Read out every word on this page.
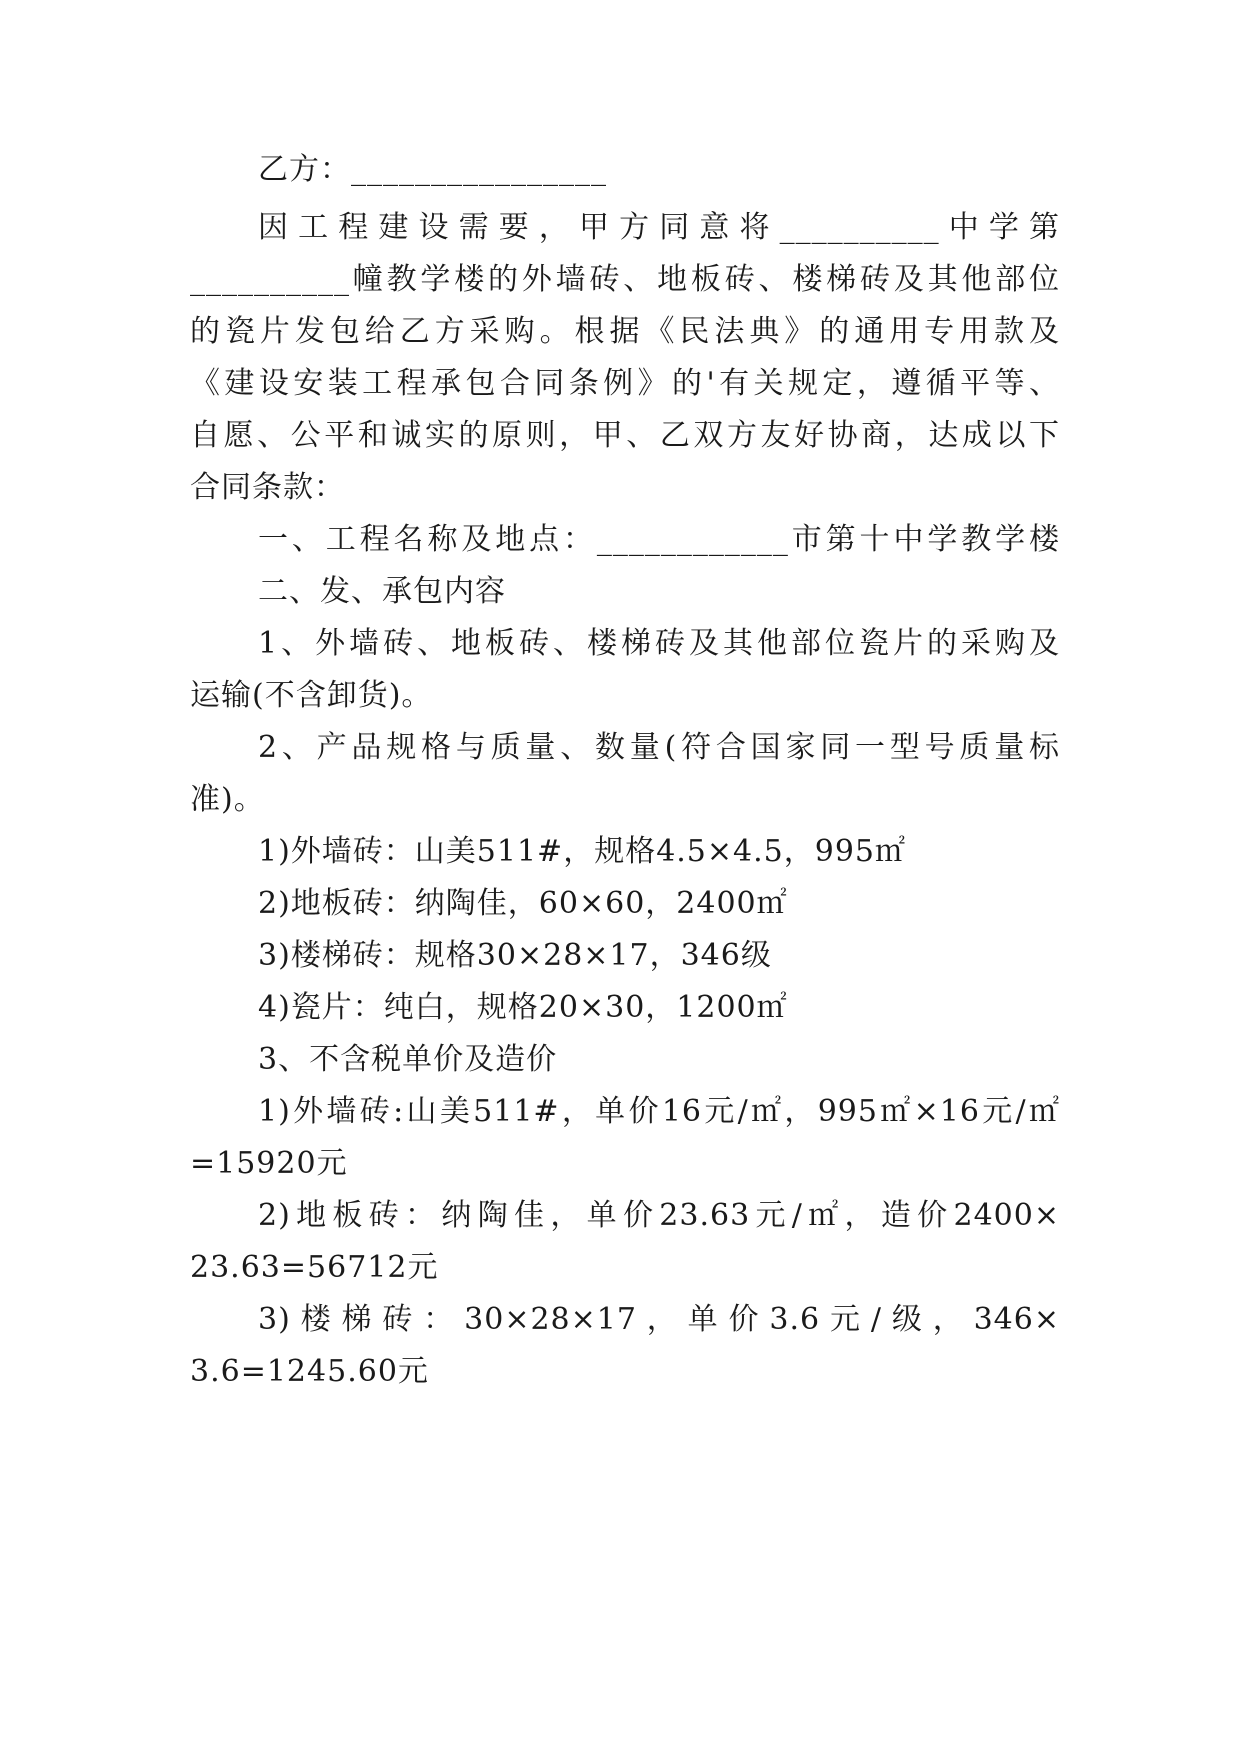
乙方：________________
因工程建设需要，甲方同意将__________中学第
__________幢教学楼的外墙砖、地板砖、楼梯砖及其他部位
的瓷片发包给乙方采购。根据《民法典》的通用专用款及
《建设安装工程承包合同条例》的'有关规定，遵循平等、
自愿、公平和诚实的原则，甲、乙双方友好协商，达成以下
合同条款：
一、工程名称及地点：____________市第十中学教学楼
二、发、承包内容
1、外墙砖、地板砖、楼梯砖及其他部位瓷片的采购及
运输(不含卸货)。
2、产品规格与质量、数量(符合国家同一型号质量标
准)。
1)外墙砖：山美511#，规格4.5×4.5，995㎡
2)地板砖：纳陶佳，60×60，2400㎡
3)楼梯砖：规格30×28×17，346级
4)瓷片：纯白，规格20×30，1200㎡
3、不含税单价及造价
1)外墙砖:山美511#，单价16元/㎡，995㎡×16元/㎡
=15920元
2)地板砖：纳陶佳，单价23.63元/㎡，造价2400×
23.63=56712元
3)楼梯砖：30×28×17，单价3.6元/级，346×
3.6=1245.60元
